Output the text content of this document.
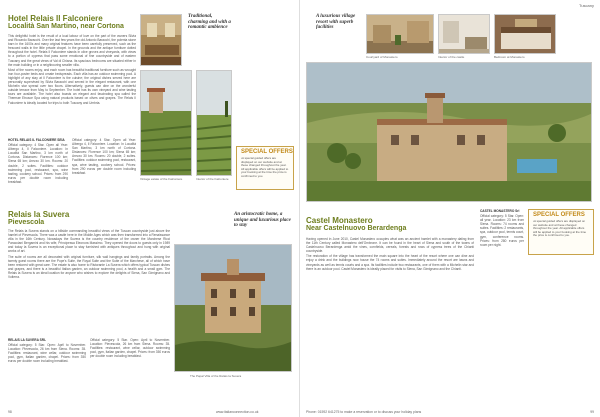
Hotel Relais Il Falconiere
Località San Martino, near Cortona

This delightful hotel is the result of a loud labour of love on the part of the owners Silvia and Riccardo Baracchi. Over the last few years the old Antonio Baracchi, the polenta stone barn in the 1600s and many original features have been carefully preserved, such as the frescoed walls in the little private chapel. In the grounds and the antique furniture dotted throughout the hotel. Relais Il Falconiere stands in olive groves and vineyards, with views to a portion of cypress that pass some emotional of fine countryside and of eastern Tuscany and the great views of Val di Chiana. Its spacious bedrooms are situated either in the main building or in a neighbouring smaller villa.

Most of the rooms enjoy, and each room has beautiful traditional furniture such as wrought iron four-poster beds and ornate bedspreads. Each villa has an outdoor swimming pool. A highlight of any stay at Il Falconiere is the cuisine; the original dishes served here are personally supervised by Silvia Baracchi and served in the elegant restaurant, with one Michelin star spread over two floors. Alternatively, guests can dine on the wonderful outside terrace from May to September. The hotel has its own vineyard and wine tasting tours are available. The hotel also boasts an elegant and fascinating spa called the Thermae Etrusce Spa using natural products based on olives and grapes. The Relais Il Falconiere is ideally located for trips to both Tuscany and Umbria.

HOTEL RELAIS IL FALCONIERE SEIA

Official category: 4 Star. Open all Year: Albergo 4, Il Falconiere. Location: In Località San Martino, 3 km north of Cortona. Distances: Florence 100 km; Siena 65 km; Arezzo 30 km. Rooms: 20 double, 2 suites. Facilities: outdoor swimming pool, restaurant, spa, wine tasting, cookery school. Prices: from 290 euros per double room including breakfast.

Official category: 4 Star. Open all Year: Albergo 4, Il Falconiere. Location: In Località San Martino, 3 km north of Cortona. Distances: Florence 100 km; Siena 65 km; Arezzo 30 km. Rooms: 20 double, 2 suites. Facilities: outdoor swimming pool, restaurant, spa, wine tasting, cookery school. Prices: from 290 euros per double room including breakfast.

Traditional, charming and with a romantic ambience
Vintage estate of the Falconiere	Interior of the Falconiere
SPECIAL OFFERS
•A special guided offers are displayed on our website and at these changed throughout the year. All applicable offers will be applied to your booking at the time the price is confirmed to you.
Relais la Suvera
Pievescola

The Relais la Suvera stands on a hillside commanding beautiful views of the Tuscan countryside just above the hamlet of Pievescola. There was a castle here in the Middle Ages which was then transformed into a Renaissance villa in the 16th Century. Nowadays the Suvera is the country residence of the owner the Marchese Ricci Paracciani Bergamini and his wife, Principessa Eleonora Massimo. They opened the doors to guests only in 1989 and today la Suvera is an exceptional place to stay furnished with antiques throughout and hung with original works of art.

The suite of rooms are all decorated with original furniture, silk wall hangings and family portraits. Among the twenty guest rooms there are the Pope's Suite, the Royal Suite and the Suite of the Marchese, all of which have been restored with great care. The estate is also home to Ristorante La Suvera which offers typical Tuscan dishes and grapes, and there is a beautiful Italian garden, an outdoor swimming pool, a health and a small gym. The Relais la Suvera is an ideal location for anyone who wishes to explore the delights of Siena, San Gimignano and Volterra.

RELAIS LA SUVERA SRL

Official category: 5 Star. Open: April to November. Location: Pievescola, 26 km from Siena. Rooms: 35. Facilities: restaurant, wine cellar, outdoor swimming pool, gym, Italian garden, chapel. Prices: from 350 euros per double room including breakfast.

Official category: 5 Star. Open: April to November. Location: Pievescola, 26 km from Siena. Rooms: 35. Facilities: restaurant, wine cellar, outdoor swimming pool, gym, Italian garden, chapel. Prices: from 350 euros per double room including breakfast.

An aristocratic home, a unique and luxurious place to stay
The Papal Villa of the Relais la Suvera
98	www.italianconnection.co.uk
Tuscany
A luxurious village resort with superb facilities
Courtyard of Monastero	Interior of the castle	Bedroom at Monastero
Castel Monastero
Near Castelnuovo Berardenga

Having opened in June 2010, Castel Monastero occupies what was an ancient hamlet with a monastery dating from the 11th Century called Monastero dell'Ombrone. It can be found in the heart of Siena and south of the towns of Castelnuovo Berardenga amid the vines, cornfields, cereals, forests and rows of cypress trees of the Chianti countryside.

The restoration of the village has transformed the main square into the heart of the resort where one can dine and enjoy a drink and the buildings now house the 74 rooms and suites. Immediately around the resort are lawns and vineyards as well as tennis courts and a spa. Its facilities include two restaurants, one of them with a Michelin star and there is an outdoor pool. Castel Monastero is ideally placed for visits to Siena, San Gimignano and the Chianti.

CASTEL MONASTERO Srl

Official category: 5 Star. Open: all year. Location: 23 km from Siena. Rooms: 74 rooms and suites. Facilities: 2 restaurants, spa, outdoor pool, tennis court, gym, conference rooms. Prices: from 280 euros per room per night.

SPECIAL OFFERS
•A special guided offers are displayed on our website and at these changed throughout the year. All applicable offers will be applied to your booking at the time the price is confirmed to you.
Phone: 01592 641275 to make a reservation or to discuss your holiday plans	99
